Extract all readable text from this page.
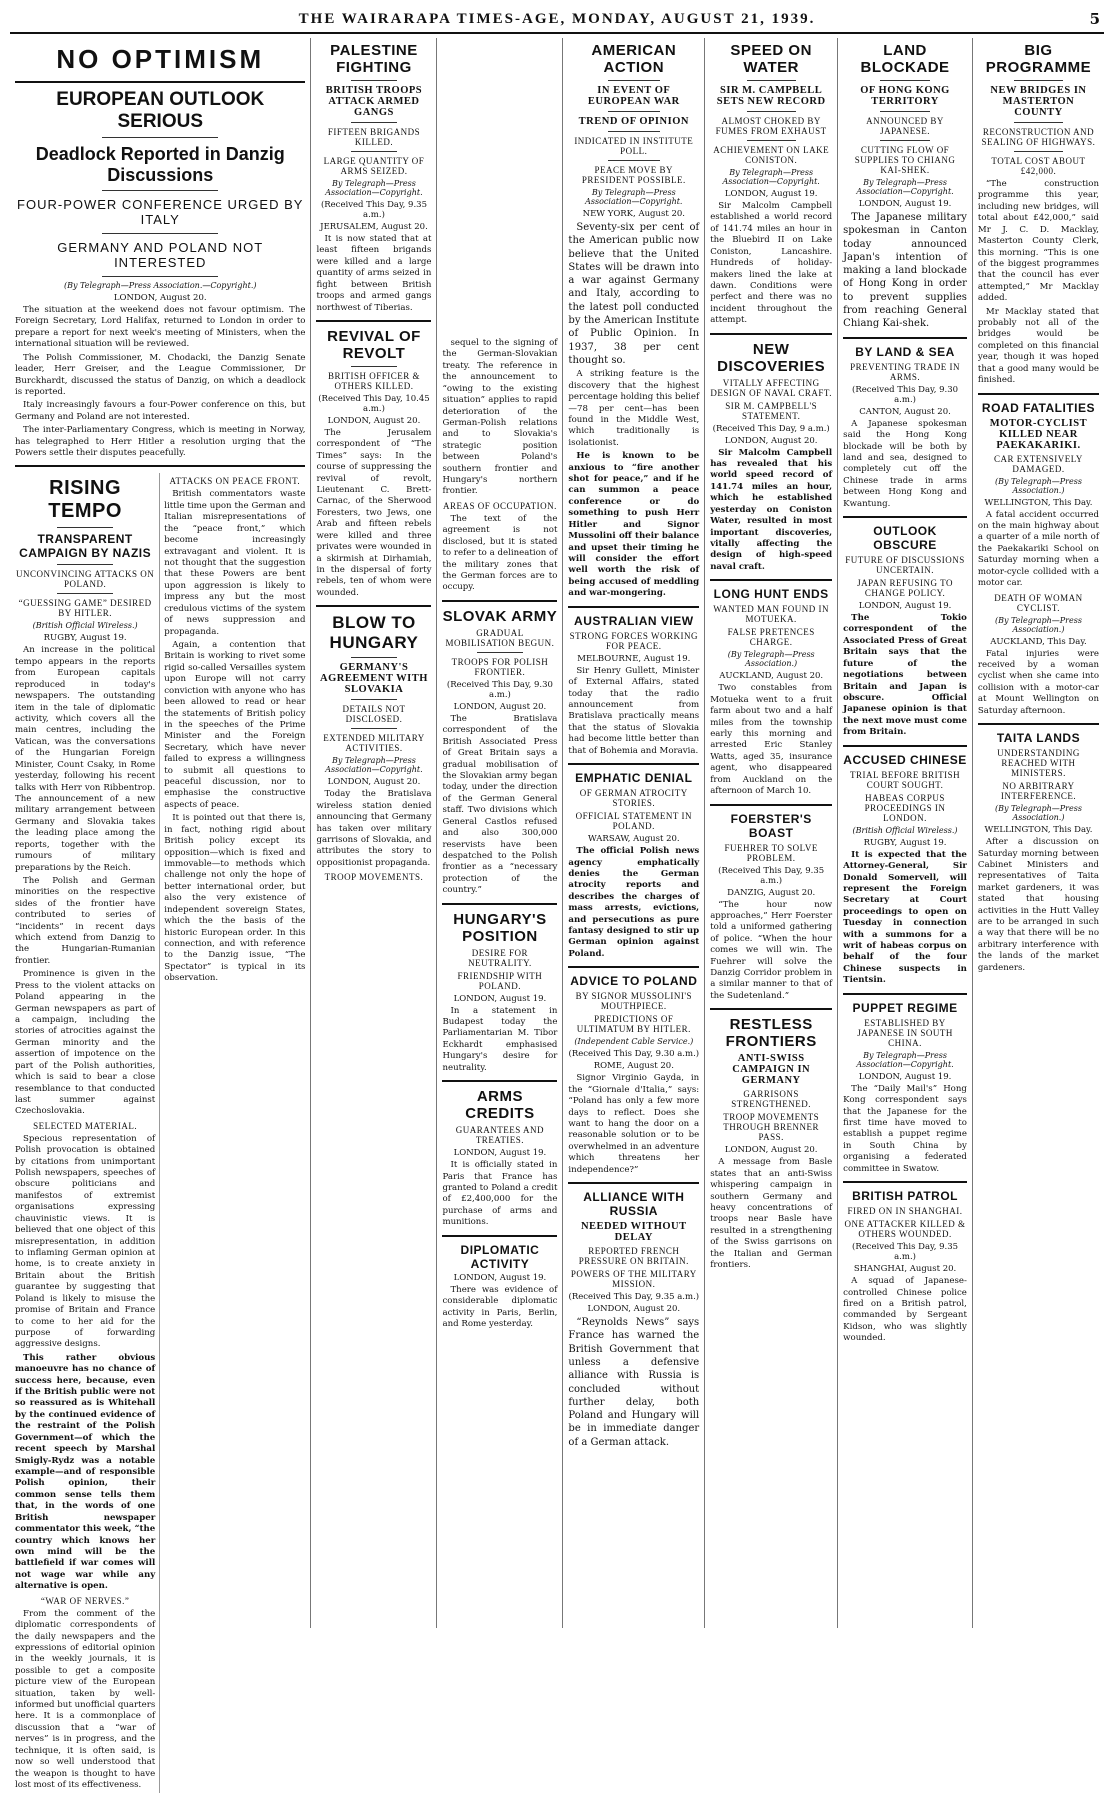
THE WAIRARAPA TIMES-AGE, MONDAY, AUGUST 21, 1939.	5
NO OPTIMISM
EUROPEAN OUTLOOK SERIOUS
Deadlock Reported in Danzig Discussions
FOUR-POWER CONFERENCE URGED BY ITALY
GERMANY AND POLAND NOT INTERESTED
(By Telegraph—Press Association.—Copyright.)
LONDON, August 20.

The situation at the weekend does not favour optimism. The Foreign Secretary, Lord Halifax, returned to London in order to prepare a report for next week's meeting of Ministers, when the international situation will be reviewed.

The Polish Commissioner, M. Chodacki, the Danzig Senate leader, Herr Greiser, and the League Commissioner, Dr Burckhardt, discussed the status of Danzig, on which a deadlock is reported.

Italy increasingly favours a four-Power conference on this, but Germany and Poland are not interested.

The inter-Parliamentary Congress, which is meeting in Norway, has telegraphed to Herr Hitler a resolution urging that the Powers settle their disputes peacefully.

RISING TEMPO
TRANSPARENT CAMPAIGN BY NAZIS
UNCONVINCING ATTACKS ON POLAND.
“GUESSING GAME” DESIRED BY HITLER.
(British Official Wireless.)
RUGBY, August 19.

An increase in the political tempo appears in the reports from European capitals reproduced in today's newspapers. The outstanding item in the tale of diplomatic activity, which covers all the main centres, including the Vatican, was the conversations of the Hungarian Foreign Minister, Count Csaky, in Rome yesterday, following his recent talks with Herr von Ribbentrop. The announcement of a new military arrangement between Germany and Slovakia takes the leading place among the reports, together with the rumours of military preparations by the Reich.

The Polish and German minorities on the respective sides of the frontier have contributed to series of “incidents” in recent days which extend from Danzig to the Hungarian-Rumanian frontier.

Prominence is given in the Press to the violent attacks on Poland appearing in the German newspapers as part of a campaign, including the stories of atrocities against the German minority and the assertion of impotence on the part of the Polish authorities, which is said to bear a close resemblance to that conducted last summer against Czechoslovakia.

SELECTED MATERIAL.

Specious representation of Polish provocation is obtained by citations from unimportant Polish newspapers, speeches of obscure politicians and manifestos of extremist organisations expressing chauvinistic views. It is believed that one object of this misrepresentation, in addition to inflaming German opinion at home, is to create anxiety in Britain about the British guarantee by suggesting that Poland is likely to misuse the promise of Britain and France to come to her aid for the purpose of forwarding aggressive designs.

This rather obvious manoeuvre has no chance of success here, because, even if the British public were not so reassured as is Whitehall by the continued evidence of the restraint of the Polish Government—of which the recent speech by Marshal Smigly-Rydz was a notable example—and of responsible Polish opinion, their common sense tells them that, in the words of one British newspaper commentator this week, “the country which knows her own mind will be the battlefield if war comes will not wage war while any alternative is open.

“WAR OF NERVES.”

From the comment of the diplomatic correspondents of the daily newspapers and the expressions of editorial opinion in the weekly journals, it is possible to get a composite picture view of the European situation, taken by well-informed but unofficial quarters here. It is a commonplace of discussion that a “war of nerves” is in progress, and the technique, it is often said, is now so well understood that the weapon is thought to have lost most of its effectiveness.

ATTACKS ON PEACE FRONT.

British commentators waste little time upon the German and Italian misrepresentations of the “peace front,” which become increasingly extravagant and violent. It is not thought that the suggestion that these Powers are bent upon aggression is likely to impress any but the most credulous victims of the system of news suppression and propaganda.

Again, a contention that Britain is working to rivet some rigid so-called Versailles system upon Europe will not carry conviction with anyone who has been allowed to read or hear the statements of British policy in the speeches of the Prime Minister and the Foreign Secretary, which have never failed to express a willingness to submit all questions to peaceful discussion, nor to emphasise the constructive aspects of peace.

It is pointed out that there is, in fact, nothing rigid about British policy except its opposition—which is fixed and immovable—to methods which challenge not only the hope of better international order, but also the very existence of independent sovereign States, which the the basis of the historic European order. In this connection, and with reference to the Danzig issue, “The Spectator” is typical in its observation.

PALESTINE FIGHTING
BRITISH TROOPS ATTACK ARMED GANGS
FIFTEEN BRIGANDS KILLED.
LARGE QUANTITY OF ARMS SEIZED.
By Telegraph—Press Association—Copyright.
(Received This Day, 9.35 a.m.)
JERUSALEM, August 20.

It is now stated that at least fifteen brigands were killed and a large quantity of arms seized in fight between British troops and armed gangs northwest of Tiberias.

REVIVAL OF REVOLT
BRITISH OFFICER & OTHERS KILLED.
(Received This Day, 10.45 a.m.)
LONDON, August 20.

The Jerusalem correspondent of “The Times” says: In the course of suppressing the revival of revolt, Lieutenant C. Brett-Carnac, of the Sherwood Foresters, two Jews, one Arab and fifteen rebels were killed and three privates were wounded in a skirmish at Dirhamiah, in the dispersal of forty rebels, ten of whom were wounded.

BLOW TO HUNGARY
GERMANY'S AGREEMENT WITH SLOVAKIA
DETAILS NOT DISCLOSED.
EXTENDED MILITARY ACTIVITIES.
By Telegraph—Press Association—Copyright.
LONDON, August 20.

Today the Bratislava wireless station denied announcing that Germany has taken over military garrisons of Slovakia, and attributes the story to oppositionist propaganda.

TROOP MOVEMENTS.

sequel to the signing of the German-Slovakian treaty. The reference in the announcement to “owing to the existing situation” applies to rapid deterioration of the German-Polish relations and to Slovakia's strategic position between Poland's southern frontier and Hungary's northern frontier.

AREAS OF OCCUPATION.

The text of the agreement is not disclosed, but it is stated to refer to a delineation of the military zones that the German forces are to occupy.

SLOVAK ARMY
GRADUAL MOBILISATION BEGUN.
TROOPS FOR POLISH FRONTIER.
(Received This Day, 9.30 a.m.)
LONDON, August 20.

The Bratislava correspondent of the British Associated Press of Great Britain says a gradual mobilisation of the Slovakian army began today, under the direction of the German General staff. Two divisions which General Castlos refused and also 300,000 reservists have been despatched to the Polish frontier as a “necessary protection of the country.”

HUNGARY'S POSITION
DESIRE FOR NEUTRALITY.
FRIENDSHIP WITH POLAND.
LONDON, August 19.

In a statement in Budapest today the Parliamentarian M. Tibor Eckhardt emphasised Hungary's desire for neutrality.

ARMS CREDITS
GUARANTEES AND TREATIES.
LONDON, August 19.

It is officially stated in Paris that France has granted to Poland a credit of £2,400,000 for the purchase of arms and munitions.

DIPLOMATIC ACTIVITY
LONDON, August 19.

There was evidence of considerable diplomatic activity in Paris, Berlin, and Rome yesterday.

AMERICAN ACTION
IN EVENT OF EUROPEAN WAR
TREND OF OPINION
INDICATED IN INSTITUTE POLL.
PEACE MOVE BY PRESIDENT POSSIBLE.
By Telegraph—Press Association—Copyright.
NEW YORK, August 20.

Seventy-six per cent of the American public now believe that the United States will be drawn into a war against Germany and Italy, according to the latest poll conducted by the American Institute of Public Opinion. In 1937, 38 per cent thought so.

A striking feature is the discovery that the highest percentage holding this belief—78 per cent—has been found in the Middle West, which traditionally is isolationist.

He is known to be anxious to “fire another shot for peace,” and if he can summon a peace conference or do something to push Herr Hitler and Signor Mussolini off their balance and upset their timing he will consider the effort well worth the risk of being accused of meddling and war-mongering.

AUSTRALIAN VIEW
STRONG FORCES WORKING FOR PEACE.
MELBOURNE, August 19.

Sir Henry Gullett, Minister of External Affairs, stated today that the radio announcement from Bratislava practically means that the status of Slovakia had become little better than that of Bohemia and Moravia.

EMPHATIC DENIAL
OF GERMAN ATROCITY STORIES.
OFFICIAL STATEMENT IN POLAND.
WARSAW, August 20.

The official Polish news agency emphatically denies the German atrocity reports and describes the charges of mass arrests, evictions, and persecutions as pure fantasy designed to stir up German opinion against Poland.

ADVICE TO POLAND
BY SIGNOR MUSSOLINI'S MOUTHPIECE.
PREDICTIONS OF ULTIMATUM BY HITLER.
(Independent Cable Service.)
(Received This Day, 9.30 a.m.)
ROME, August 20.

Signor Virginio Gayda, in the “Giornale d'Italia,” says: “Poland has only a few more days to reflect. Does she want to hang the door on a reasonable solution or to be overwhelmed in an adventure which threatens her independence?”

ALLIANCE WITH RUSSIA
NEEDED WITHOUT DELAY
REPORTED FRENCH PRESSURE ON BRITAIN.
POWERS OF THE MILITARY MISSION.
(Received This Day, 9.35 a.m.)
LONDON, August 20.

“Reynolds News” says France has warned the British Government that unless a defensive alliance with Russia is concluded without further delay, both Poland and Hungary will be in immediate danger of a German attack.

SPEED ON WATER
SIR M. CAMPBELL SETS NEW RECORD
ALMOST CHOKED BY FUMES FROM EXHAUST
ACHIEVEMENT ON LAKE CONISTON.
By Telegraph—Press Association—Copyright.
LONDON, August 19.

Sir Malcolm Campbell established a world record of 141.74 miles an hour in the Bluebird II on Lake Coniston, Lancashire. Hundreds of holiday-makers lined the lake at dawn. Conditions were perfect and there was no incident throughout the attempt.

NEW DISCOVERIES
VITALLY AFFECTING DESIGN OF NAVAL CRAFT.
SIR M. CAMPBELL'S STATEMENT.
(Received This Day, 9 a.m.)
LONDON, August 20.

Sir Malcolm Campbell has revealed that his world speed record of 141.74 miles an hour, which he established yesterday on Coniston Water, resulted in most important discoveries, vitally affecting the design of high-speed naval craft.

LONG HUNT ENDS
WANTED MAN FOUND IN MOTUEKA.
FALSE PRETENCES CHARGE.
(By Telegraph—Press Association.)
AUCKLAND, August 20.

Two constables from Motueka went to a fruit farm about two and a half miles from the township early this morning and arrested Eric Stanley Watts, aged 35, insurance agent, who disappeared from Auckland on the afternoon of March 10.

FOERSTER'S BOAST
FUEHRER TO SOLVE PROBLEM.
(Received This Day, 9.35 a.m.)
DANZIG, August 20.

“The hour now approaches,” Herr Foerster told a uniformed gathering of police. “When the hour comes we will win. The Fuehrer will solve the Danzig Corridor problem in a similar manner to that of the Sudetenland.”

RESTLESS FRONTIERS
ANTI-SWISS CAMPAIGN IN GERMANY
GARRISONS STRENGTHENED.
TROOP MOVEMENTS THROUGH BRENNER PASS.
LONDON, August 20.

A message from Basle states that an anti-Swiss whispering campaign in southern Germany and heavy concentrations of troops near Basle have resulted in a strengthening of the Swiss garrisons on the Italian and German frontiers.

LAND BLOCKADE
OF HONG KONG TERRITORY
ANNOUNCED BY JAPANESE.
CUTTING FLOW OF SUPPLIES TO CHIANG KAI-SHEK.
By Telegraph—Press Association—Copyright.
LONDON, August 19.

The Japanese military spokesman in Canton today announced Japan's intention of making a land blockade of Hong Kong in order to prevent supplies from reaching General Chiang Kai-shek.

BY LAND & SEA
PREVENTING TRADE IN ARMS.
(Received This Day, 9.30 a.m.)
CANTON, August 20.

A Japanese spokesman said the Hong Kong blockade will be both by land and sea, designed to completely cut off the Chinese trade in arms between Hong Kong and Kwantung.

OUTLOOK OBSCURE
FUTURE OF DISCUSSIONS UNCERTAIN.
JAPAN REFUSING TO CHANGE POLICY.
LONDON, August 19.

The Tokio correspondent of the Associated Press of Great Britain says that the future of the negotiations between Britain and Japan is obscure. Official Japanese opinion is that the next move must come from Britain.

ACCUSED CHINESE
TRIAL BEFORE BRITISH COURT SOUGHT.
HABEAS CORPUS PROCEEDINGS IN LONDON.
(British Official Wireless.)
RUGBY, August 19.

It is expected that the Attorney-General, Sir Donald Somervell, will represent the Foreign Secretary at Court proceedings to open on Tuesday in connection with a summons for a writ of habeas corpus on behalf of the four Chinese suspects in Tientsin.

PUPPET REGIME
ESTABLISHED BY JAPANESE IN SOUTH CHINA.
By Telegraph—Press Association—Copyright.
LONDON, August 19.

The “Daily Mail's” Hong Kong correspondent says that the Japanese for the first time have moved to establish a puppet regime in South China by organising a federated committee in Swatow.

BRITISH PATROL
FIRED ON IN SHANGHAI.
ONE ATTACKER KILLED & OTHERS WOUNDED.
(Received This Day, 9.35 a.m.)
SHANGHAI, August 20.

A squad of Japanese-controlled Chinese police fired on a British patrol, commanded by Sergeant Kidson, who was slightly wounded.

BIG PROGRAMME
NEW BRIDGES IN MASTERTON COUNTY
RECONSTRUCTION AND SEALING OF HIGHWAYS.
TOTAL COST ABOUT £42,000.

“The construction programme this year, including new bridges, will total about £42,000,” said Mr J. C. D. Macklay, Masterton County Clerk, this morning. “This is one of the biggest programmes that the council has ever attempted,” Mr Macklay added.

Mr Macklay stated that probably not all of the bridges would be completed on this financial year, though it was hoped that a good many would be finished.

ROAD FATALITIES
MOTOR-CYCLIST KILLED NEAR PAEKAKARIKI.
CAR EXTENSIVELY DAMAGED.
(By Telegraph—Press Association.)
WELLINGTON, This Day.

A fatal accident occurred on the main highway about a quarter of a mile north of the Paekakariki School on Saturday morning when a motor-cycle collided with a motor car.

DEATH OF WOMAN CYCLIST.
(By Telegraph—Press Association.)
AUCKLAND, This Day.

Fatal injuries were received by a woman cyclist when she came into collision with a motor-car at Mount Wellington on Saturday afternoon.

TAITA LANDS
UNDERSTANDING REACHED WITH MINISTERS.
NO ARBITRARY INTERFERENCE.
(By Telegraph—Press Association.)
WELLINGTON, This Day.

After a discussion on Saturday morning between Cabinet Ministers and representatives of Taita market gardeners, it was stated that housing activities in the Hutt Valley are to be arranged in such a way that there will be no arbitrary interference with the lands of the market gardeners.
